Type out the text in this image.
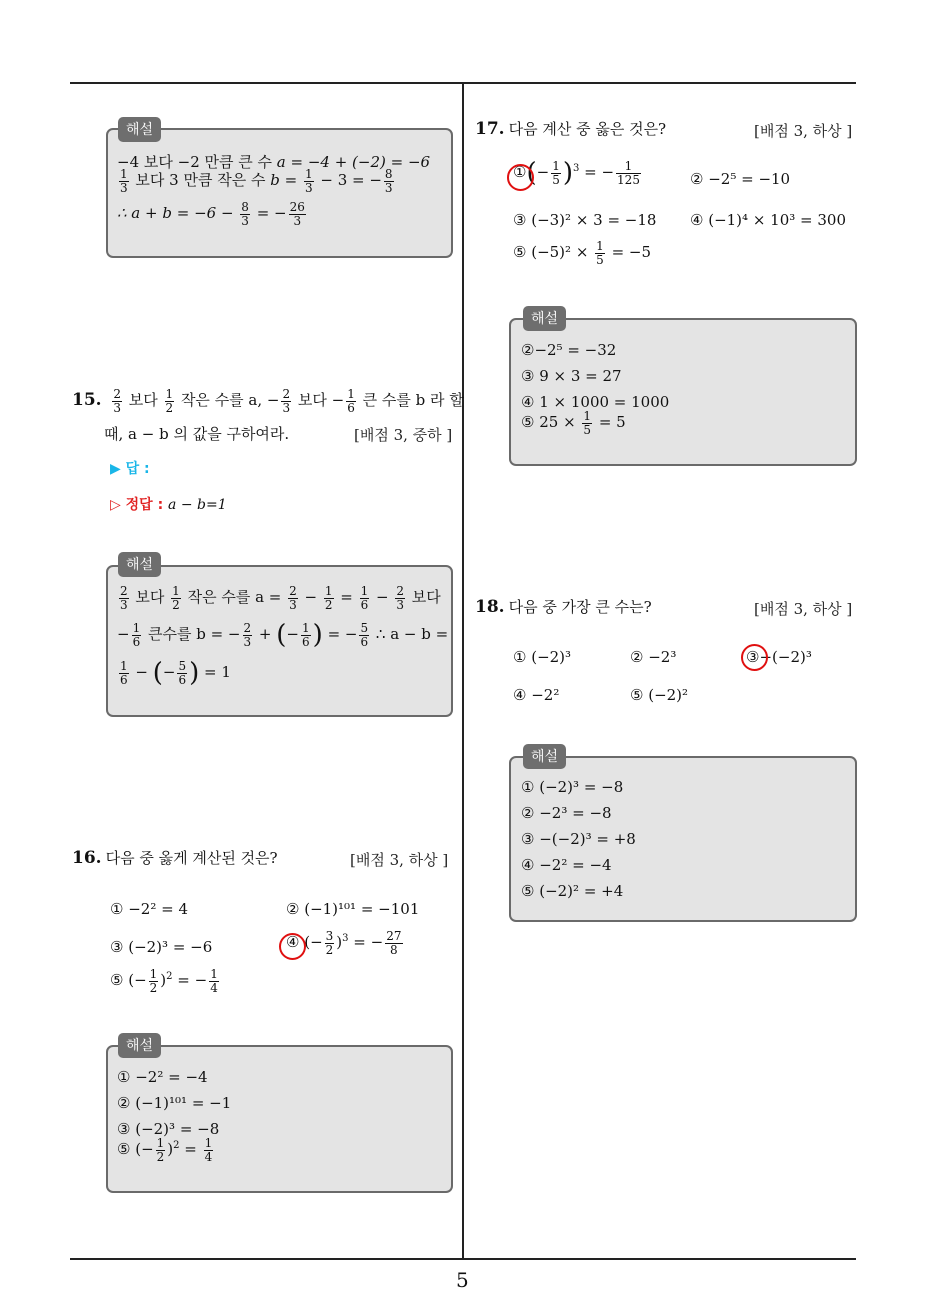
해설
−4 보다 −2 만큼 큰 수 a = −4 + (−2) = −6
$\frac{1}{3}$ 보다 3 만큼 작은 수 $b = \frac{1}{3} - 3$ = − $\frac{8}{3}$
∴ $a + b = -6 - \frac{8}{3}$ = − $\frac{26}{3}$
15. $\frac{2}{3}$ 보다 $\frac{1}{2}$ 작은 수를 a, − $\frac{2}{3}$ 보다 − $\frac{1}{6}$ 큰 수를 b 라 할
때, a − b 의 값을 구하여라.	[배점 3, 중하 ]
▶ 답 :
▷ 정답 : a − b=1
해설
$\frac{2}{3}$ 보다 $\frac{1}{2}$ 작은 수를 $a = \frac{2}{3} - \frac{1}{2} = \frac{1}{6} - \frac{2}{3}$ 보다
− $\frac{1}{6}$ 큰수를 b = − $\frac{2}{3}$ + (− $\frac{1}{6}$ ) = − $\frac{5}{6}$ ∴ a − b =
$\frac{1}{6}$ − (− $\frac{5}{6}$ ) = 1
16. 다음 중 옳게 계산된 것은?	[배점 3, 하상 ]
① −2² = 4	② (−1)¹⁰¹ = −101
③ (−2)³ = −6	④ (− $\frac{3}{2} )^3$ = − $\frac{27}{8}$
⑤ (− $\frac{1}{2} )^2$ = − $\frac{1}{4}$
해설
① −2² = −4
② (−1)¹⁰¹ = −1
③ (−2)³ = −8
⑤ (− $\frac{1}{2} )^2 = \frac{1}{4}$
17. 다음 계산 중 옳은 것은?	[배점 3, 하상 ]
①(− $\frac{1}{5} )^3$ = − $\frac{1}{125}$	② −2⁵ = −10
③ (−3)² × 3 = −18 ④ (−1)⁴ × 10³ = 300
⑤ $(-5)^2 \times \frac{1}{5} = -5$
해설
②−2⁵ = −32
③ 9 × 3 = 27
④ 1 × 1000 = 1000
⑤ $25 \times \frac{1}{5} = 5$
18. 다음 중 가장 큰 수는?	[배점 3, 하상 ]
① (−2)³	② −2³	③−(−2)³
④ −2²	⑤ (−2)²
해설
① (−2)³ = −8
② −2³ = −8
③ −(−2)³ = +8
④ −2² = −4
⑤ (−2)² = +4
5
